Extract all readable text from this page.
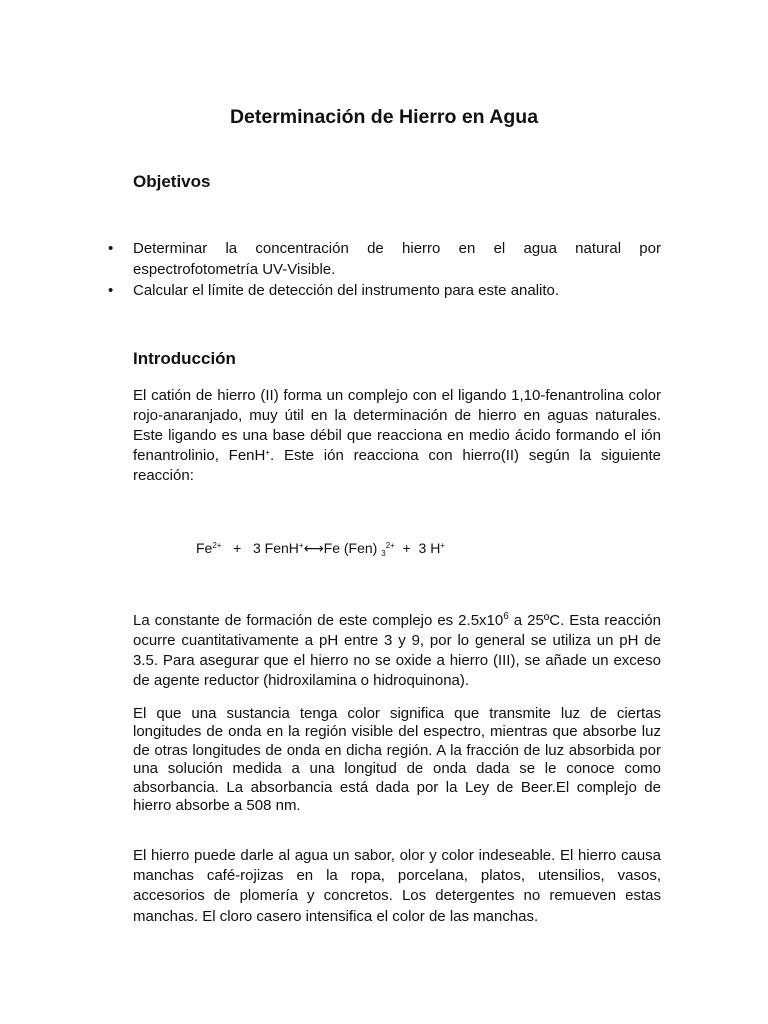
Determinación de Hierro en Agua
Objetivos
• Determinar la concentración de hierro en el agua natural por espectrofotometría UV-Visible.
• Calcular el límite de detección del instrumento para este analito.
Introducción

El catión de hierro (II) forma un complejo con el ligando 1,10-fenantrolina color rojo-anaranjado, muy útil en la determinación de hierro en aguas naturales. Este ligando es una base débil que reacciona en medio ácido formando el ión fenantrolinio, FenH+. Este ión reacciona con hierro(II) según la siguiente reacción:

$Fe^{2+} + 3$ FenH+⟷Fe (Fen) $_3^{2+}$  +  3 H+

La constante de formación de este complejo es $2.5x10^6$ a 25ºC. Esta reacción ocurre cuantitativamente a pH entre 3 y 9, por lo general se utiliza un pH de 3.5. Para asegurar que el hierro no se oxide a hierro (III), se añade un exceso de agente reductor (hidroxilamina o hidroquinona).

El que una sustancia tenga color significa que transmite luz de ciertas longitudes de onda en la región visible del espectro, mientras que absorbe luz de otras longitudes de onda en dicha región. A la fracción de luz absorbida por una solución medida a una longitud de onda dada se le conoce como absorbancia. La absorbancia está dada por la Ley de Beer.El complejo de hierro absorbe a 508 nm.

El hierro puede darle al agua un sabor, olor y color indeseable. El hierro causa manchas café-rojizas en la ropa, porcelana, platos, utensilios, vasos, accesorios de plomería y concretos. Los detergentes no remueven estas manchas. El cloro casero intensifica el color de las manchas.
